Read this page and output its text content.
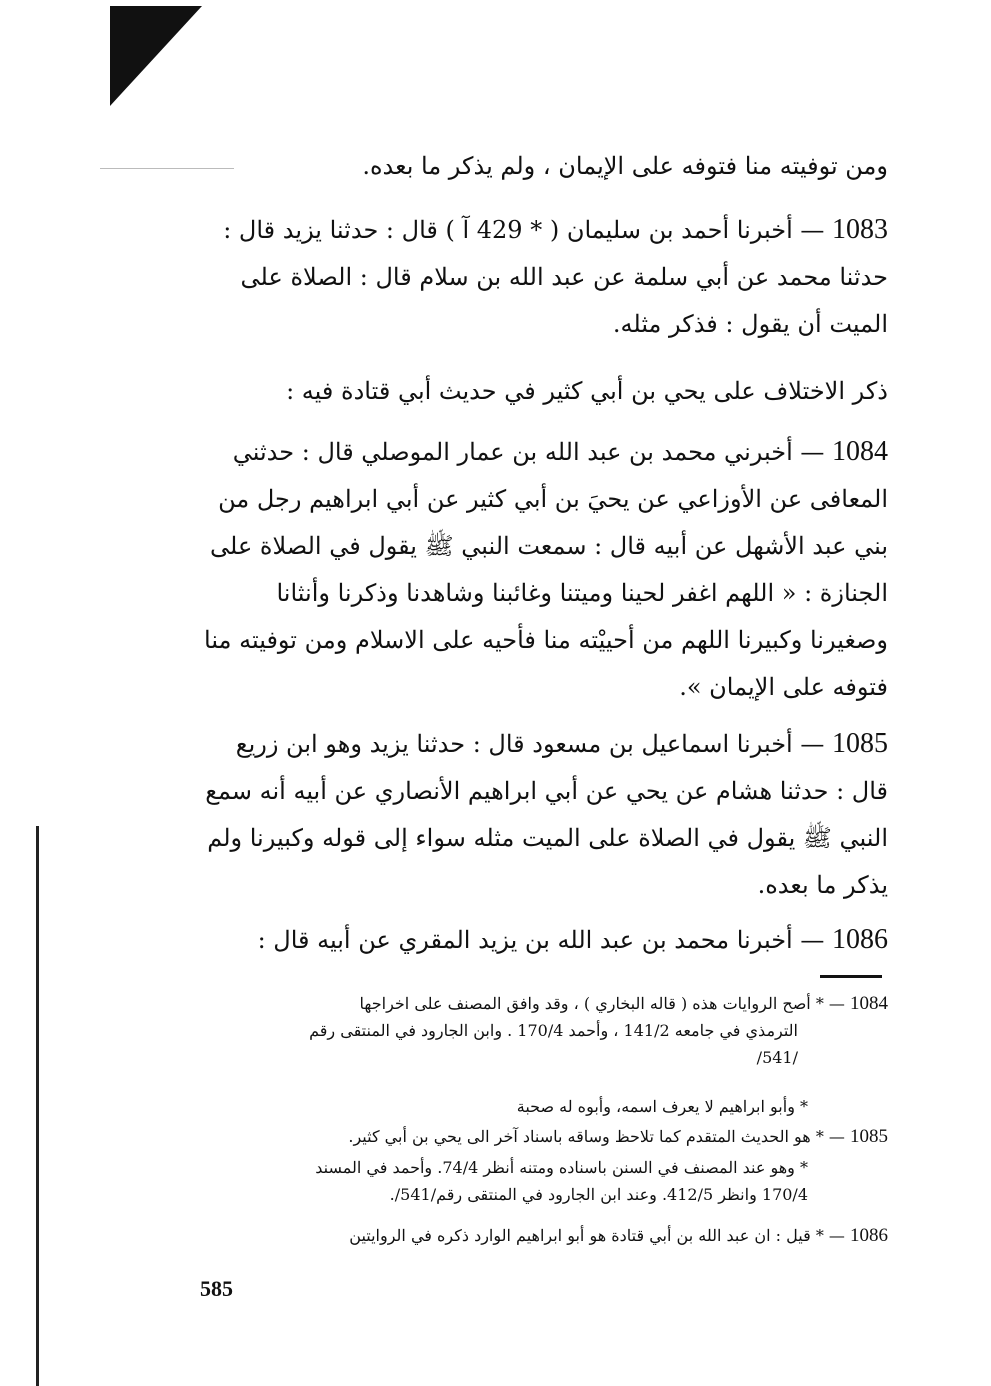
ومن توفيته منا فتوفه على الإيمان ، ولم يذكر ما بعده.

1083 — أخبرنا أحمد بن سليمان ( * 429 آ ) قال : حدثنا يزيد قال : حدثنا محمد عن أبي سلمة عن عبد الله بن سلام قال : الصلاة على الميت أن يقول : فذكر مثله.

ذكر الاختلاف على يحي بن أبي كثير في حديث أبي قتادة فيه :

1084 — أخبرني محمد بن عبد الله بن عمار الموصلي قال : حدثني المعافى عن الأوزاعي عن يحيَ بن أبي كثير عن أبي ابراهيم رجل من بني عبد الأشهل عن أبيه قال : سمعت النبي ﷺ يقول في الصلاة على الجنازة : « اللهم اغفر لحينا وميتنا وغائبنا وشاهدنا وذكرنا وأنثانا وصغيرنا وكبيرنا اللهم من أحييْته منا فأحيه على الاسلام ومن توفيته منا فتوفه على الإيمان ».

1085 — أخبرنا اسماعيل بن مسعود قال : حدثنا يزيد وهو ابن زريع قال : حدثنا هشام عن يحي عن أبي ابراهيم الأنصاري عن أبيه أنه سمع النبي ﷺ يقول في الصلاة على الميت مثله سواء إلى قوله وكبيرنا ولم يذكر ما بعده.

1086 — أخبرنا محمد بن عبد الله بن يزيد المقري عن أبيه قال :

1084 — * أصح الروايات هذه ( قاله البخاري ) ، وقد وافق المصنف على اخراجها
الترمذي في جامعه 141/2 ، وأحمد 170/4 . وابن الجارود في المنتقى رقم
/541/
* وأبو ابراهيم لا يعرف اسمه، وأبوه له صحبة
1085 — * هو الحديث المتقدم كما تلاحظ وساقه باسناد آخر الى يحي بن أبي كثير.
* وهو عند المصنف في السنن باسناده ومتنه أنظر 74/4. وأحمد في المسند
170/4 وانظر 412/5. وعند ابن الجارود في المنتقى رقم/541/.
1086 — * قيل : ان عبد الله بن أبي قتادة هو أبو ابراهيم الوارد ذكره في الروايتين

585
